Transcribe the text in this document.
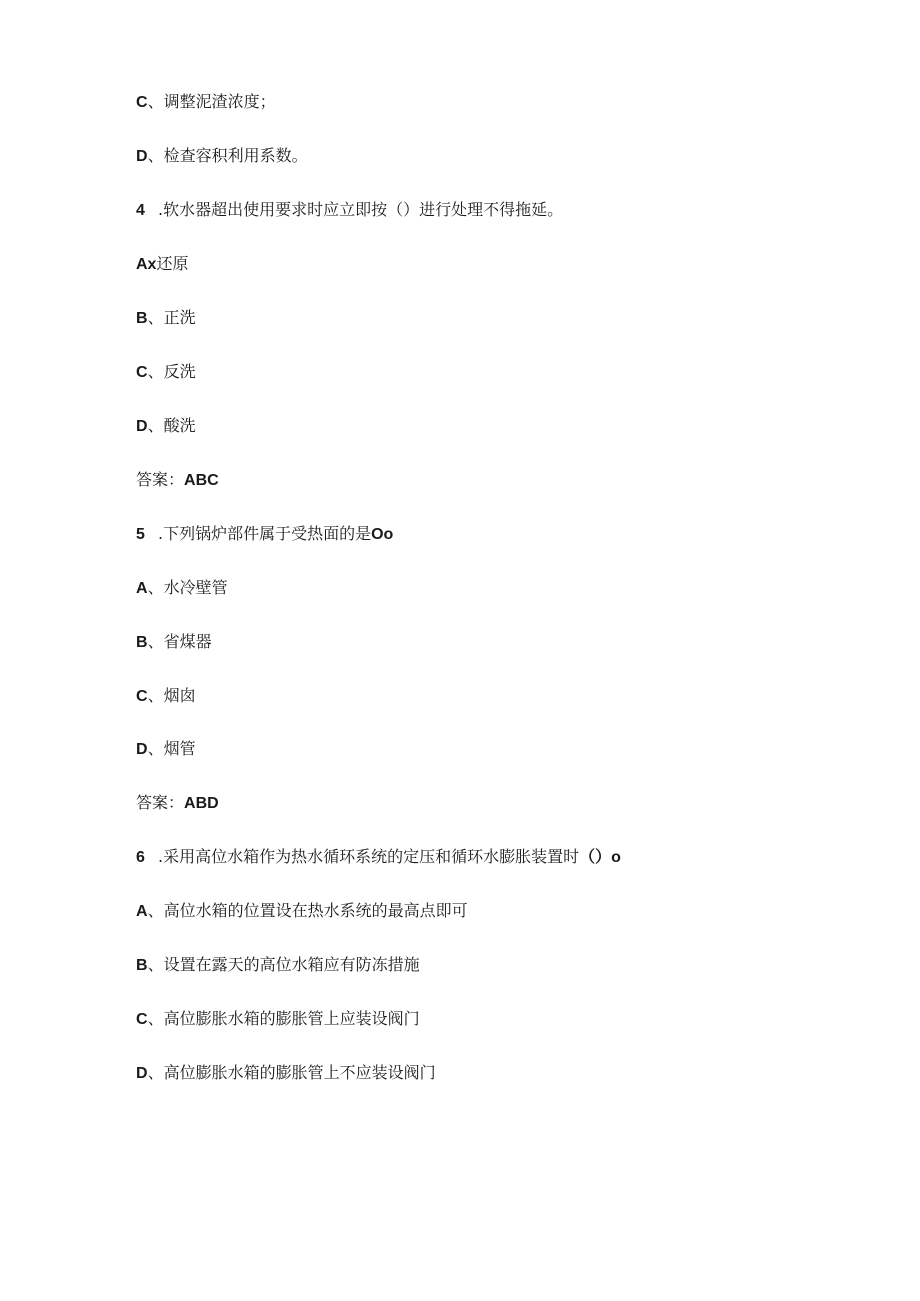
C、调整泥渣浓度；
D、检查容积利用系数。
4 .软水器超出使用要求时应立即按（）进行处理不得拖延。
Ax还原
B、正洗
C、反洗
D、酸洗
答案：ABC
5 .下列锅炉部件属于受热面的是Oo
A、水冷壁管
B、省煤器
C、烟囱
D、烟管
答案：ABD
6 .采用高位水箱作为热水循环系统的定压和循环水膨胀装置时（）o
A、高位水箱的位置设在热水系统的最高点即可
B、设置在露天的高位水箱应有防冻措施
C、高位膨胀水箱的膨胀管上应装设阀门
D、高位膨胀水箱的膨胀管上不应装设阀门
